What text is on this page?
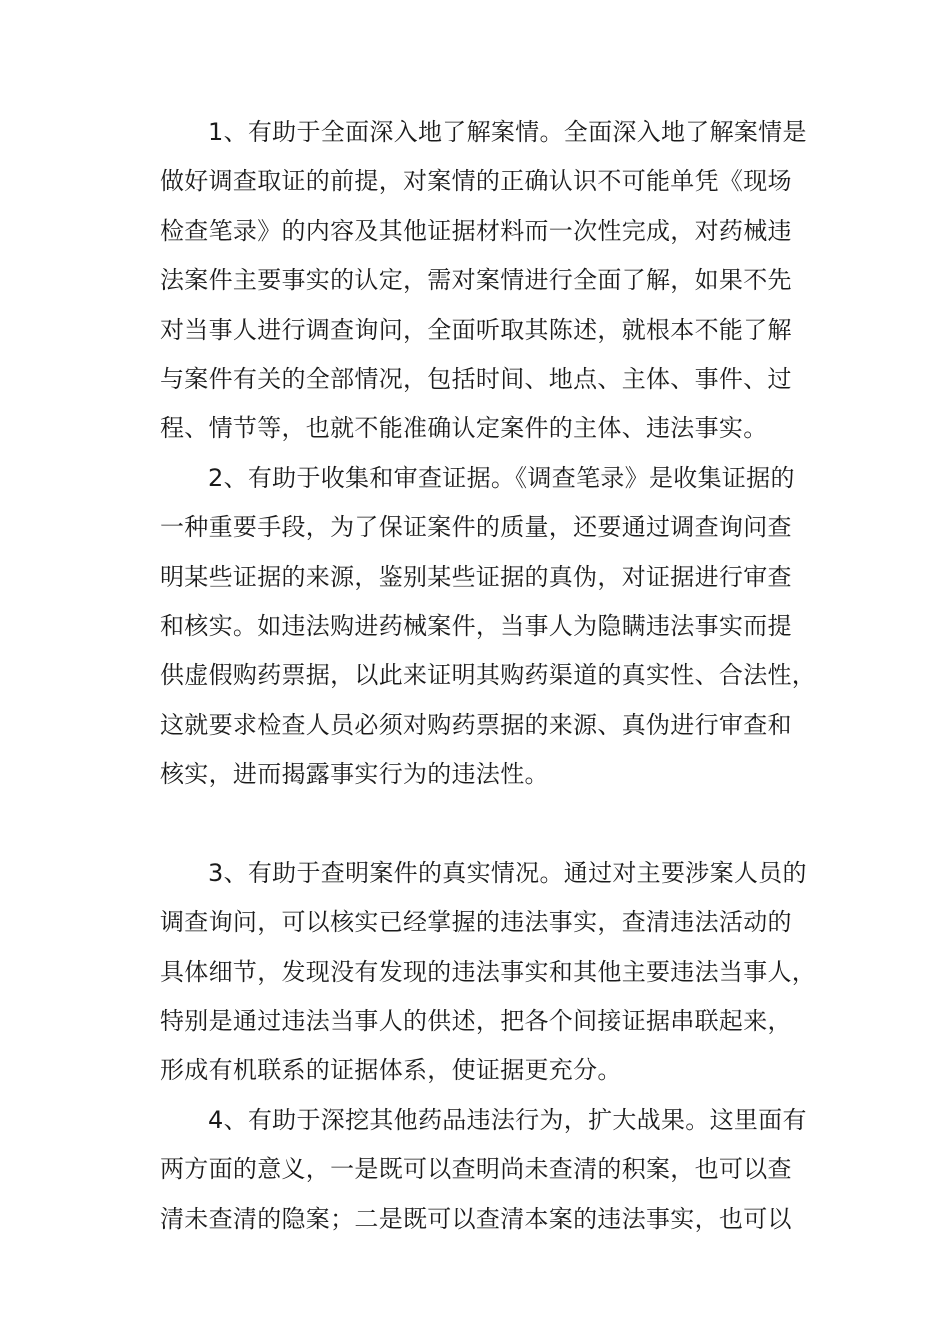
1、有助于全面深入地了解案情。全面深入地了解案情是
做好调查取证的前提，对案情的正确认识不可能单凭《现场
检查笔录》的内容及其他证据材料而一次性完成，对药械违
法案件主要事实的认定，需对案情进行全面了解，如果不先
对当事人进行调查询问，全面听取其陈述，就根本不能了解
与案件有关的全部情况，包括时间、地点、主体、事件、过
程、情节等，也就不能准确认定案件的主体、违法事实。
2、有助于收集和审查证据。《调查笔录》是收集证据的
一种重要手段，为了保证案件的质量，还要通过调查询问查
明某些证据的来源，鉴别某些证据的真伪，对证据进行审查
和核实。如违法购进药械案件，当事人为隐瞒违法事实而提
供虚假购药票据，以此来证明其购药渠道的真实性、合法性，
这就要求检查人员必须对购药票据的来源、真伪进行审查和
核实，进而揭露事实行为的违法性。
3、有助于查明案件的真实情况。通过对主要涉案人员的
调查询问，可以核实已经掌握的违法事实，查清违法活动的
具体细节，发现没有发现的违法事实和其他主要违法当事人，
特别是通过违法当事人的供述，把各个间接证据串联起来，
形成有机联系的证据体系，使证据更充分。
4、有助于深挖其他药品违法行为，扩大战果。这里面有
两方面的意义，一是既可以查明尚未查清的积案，也可以查
清未查清的隐案；二是既可以查清本案的违法事实，也可以
